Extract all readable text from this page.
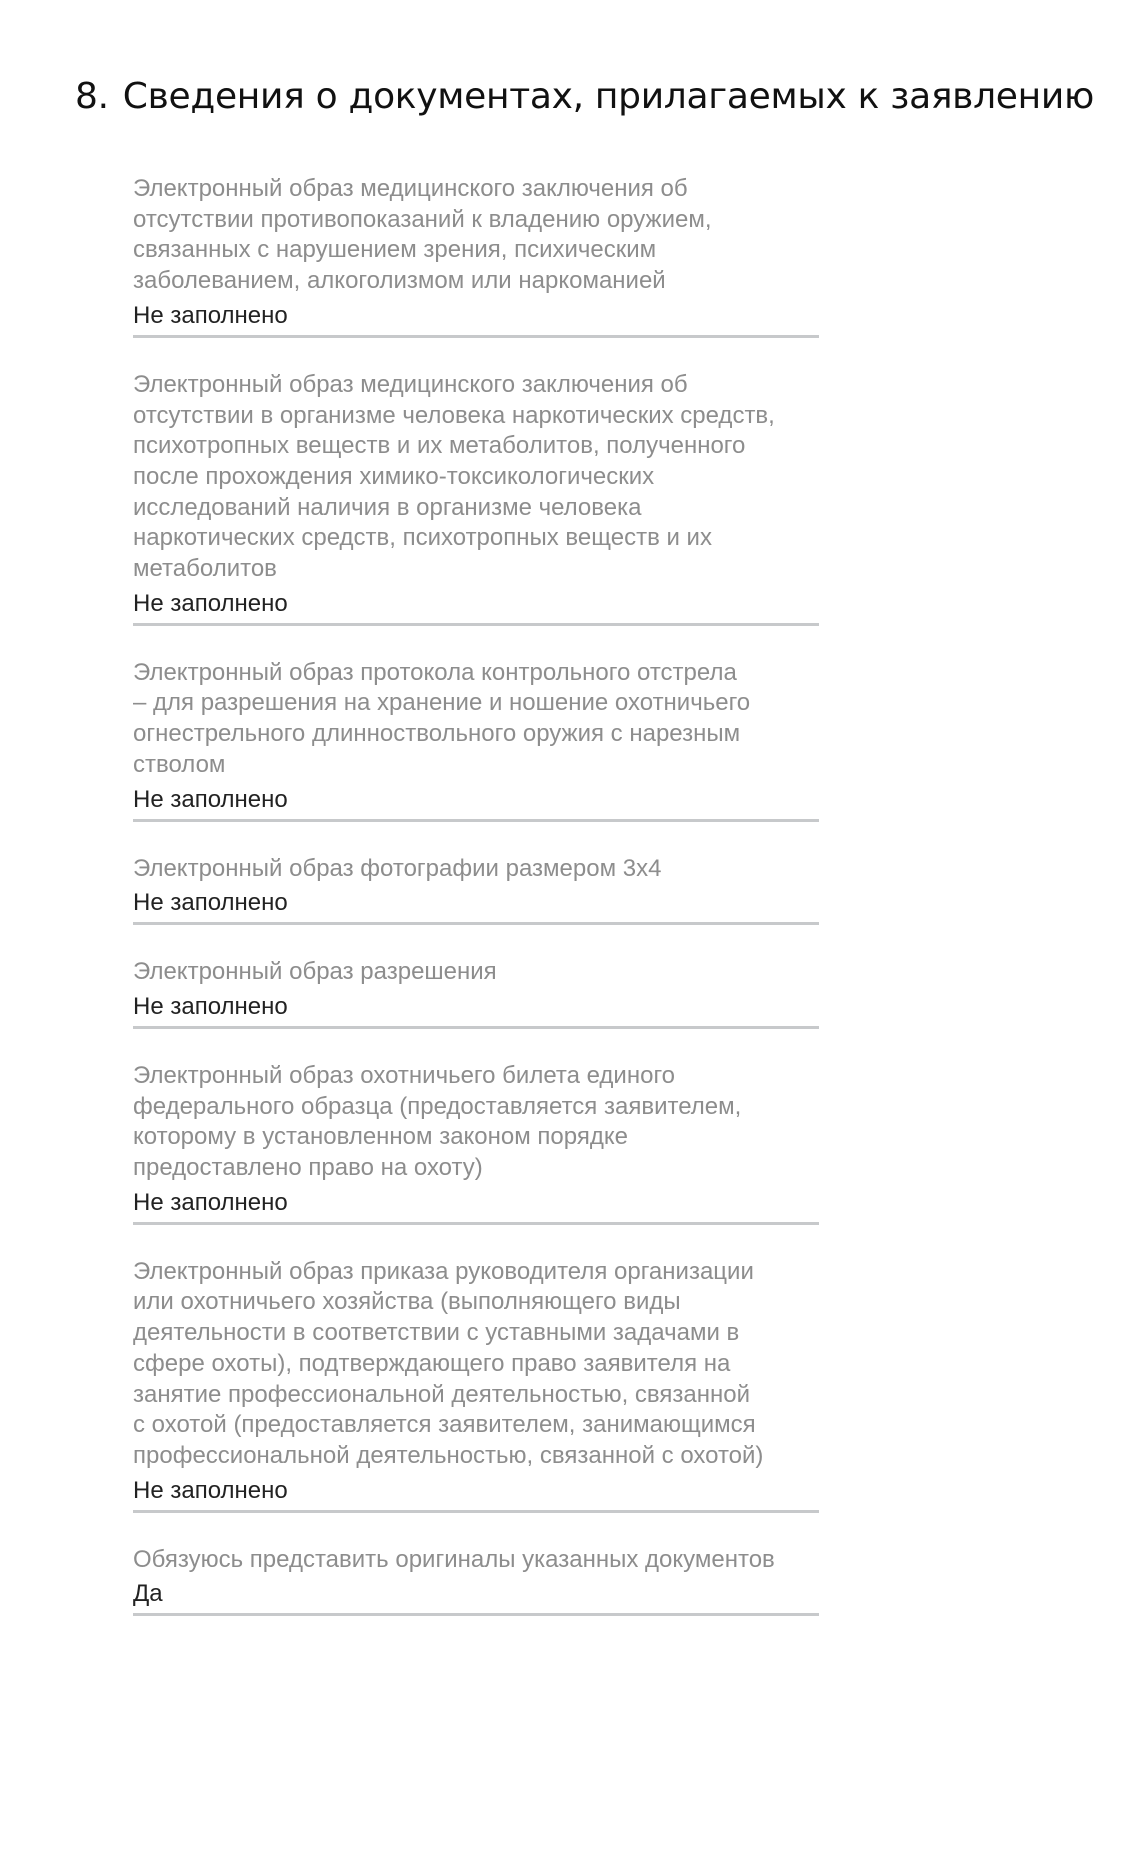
8. Сведения о документах, прилагаемых к заявлению
Электронный образ медицинского заключения об
отсутствии противопоказаний к владению оружием,
связанных с нарушением зрения, психическим
заболеванием, алкоголизмом или наркоманией
Не заполнено
Электронный образ медицинского заключения об
отсутствии в организме человека наркотических средств,
психотропных веществ и их метаболитов, полученного
после прохождения химико-токсикологических
исследований наличия в организме человека
наркотических средств, психотропных веществ и их
метаболитов
Не заполнено
Электронный образ протокола контрольного отстрела
– для разрешения на хранение и ношение охотничьего
огнестрельного длинноствольного оружия с нарезным
стволом
Не заполнено
Электронный образ фотографии размером 3х4
Не заполнено
Электронный образ разрешения
Не заполнено
Электронный образ охотничьего билета единого
федерального образца (предоставляется заявителем,
которому в установленном законом порядке
предоставлено право на охоту)
Не заполнено
Электронный образ приказа руководителя организации
или охотничьего хозяйства (выполняющего виды
деятельности в соответствии с уставными задачами в
сфере охоты), подтверждающего право заявителя на
занятие профессиональной деятельностью, связанной
с охотой (предоставляется заявителем, занимающимся
профессиональной деятельностью, связанной с охотой)
Не заполнено
Обязуюсь представить оригиналы указанных документов
Да
